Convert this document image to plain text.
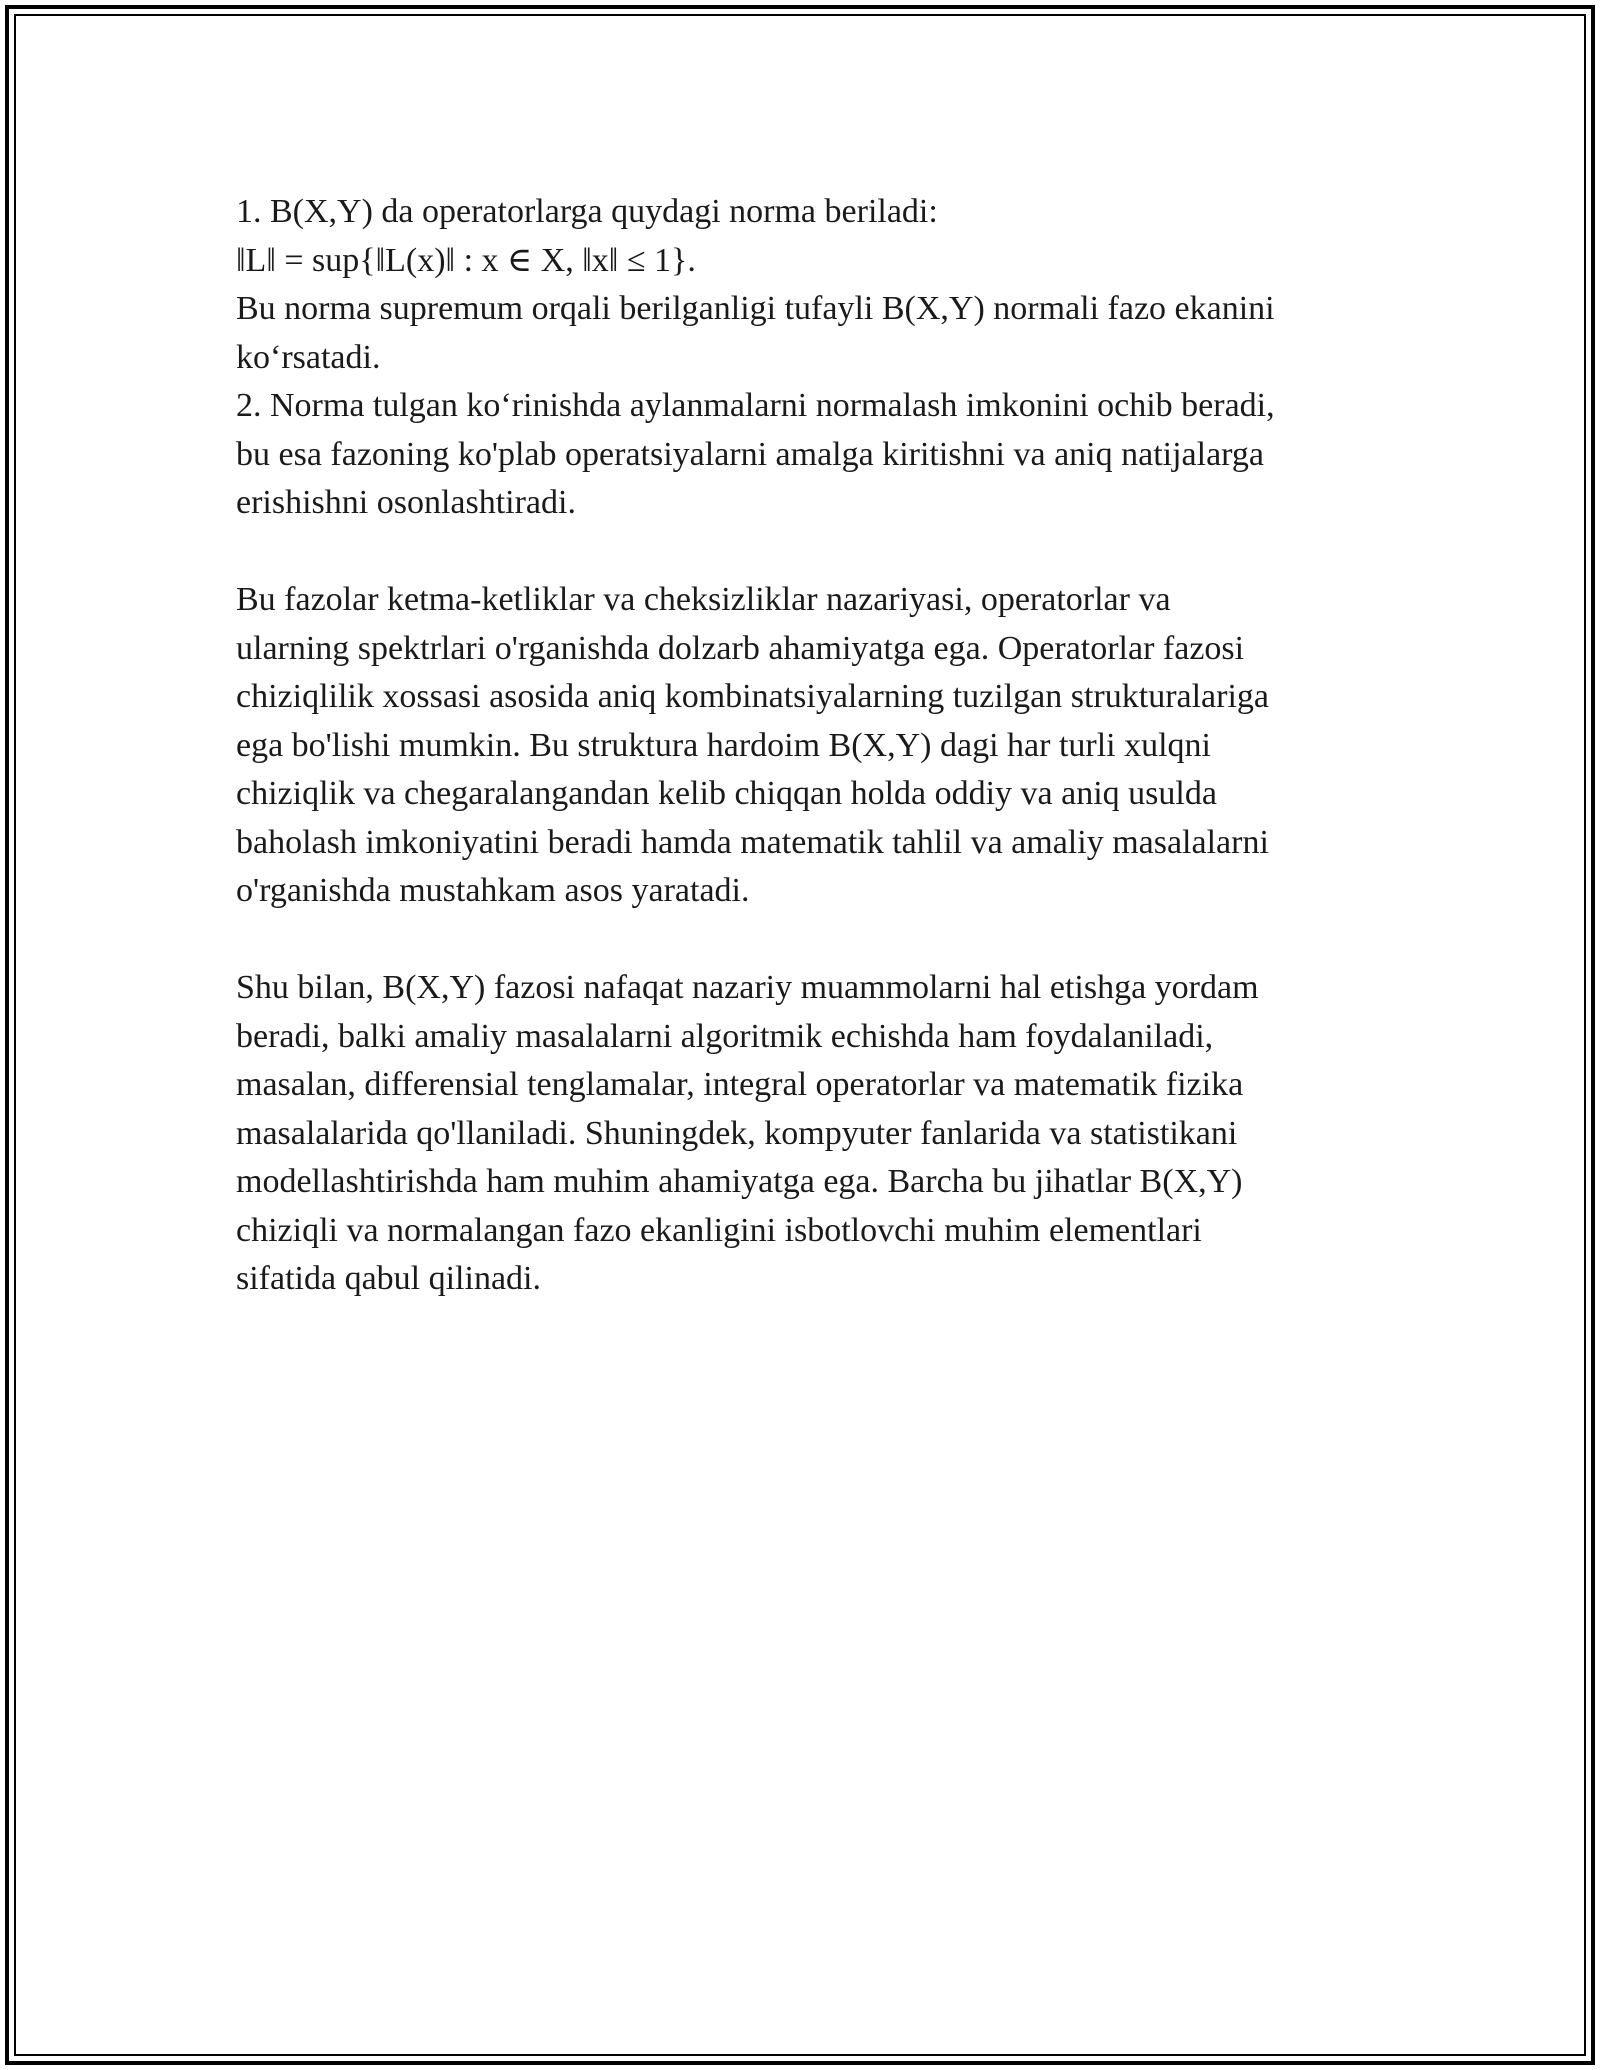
1. B(X,Y) da operatorlarga quydagi norma beriladi:
‖L‖ = sup{‖L(x)‖ : x ∈ X, ‖x‖ ≤ 1}.
Bu norma supremum orqali berilganligi tufayli B(X,Y) normali fazo ekanini
ko‘rsatadi.
2. Norma tulgan ko‘rinishda aylanmalarni normalash imkonini ochib beradi,
bu esa fazoning ko'plab operatsiyalarni amalga kiritishni va aniq natijalarga
erishishni osonlashtiradi.
Bu fazolar ketma-ketliklar va cheksizliklar nazariyasi, operatorlar va
ularning spektrlari o'rganishda dolzarb ahamiyatga ega. Operatorlar fazosi
chiziqlilik xossasi asosida aniq kombinatsiyalarning tuzilgan strukturalariga
ega bo'lishi mumkin. Bu struktura hardoim B(X,Y) dagi har turli xulqni
chiziqlik va chegaralangandan kelib chiqqan holda oddiy va aniq usulda
baholash imkoniyatini beradi hamda matematik tahlil va amaliy masalalarni
o'rganishda mustahkam asos yaratadi.
Shu bilan, B(X,Y) fazosi nafaqat nazariy muammolarni hal etishga yordam
beradi, balki amaliy masalalarni algoritmik echishda ham foydalaniladi,
masalan, differensial tenglamalar, integral operatorlar va matematik fizika
masalalarida qo'llaniladi. Shuningdek, kompyuter fanlarida va statistikani
modellashtirishda ham muhim ahamiyatga ega. Barcha bu jihatlar B(X,Y)
chiziqli va normalangan fazo ekanligini isbotlovchi muhim elementlari
sifatida qabul qilinadi.
